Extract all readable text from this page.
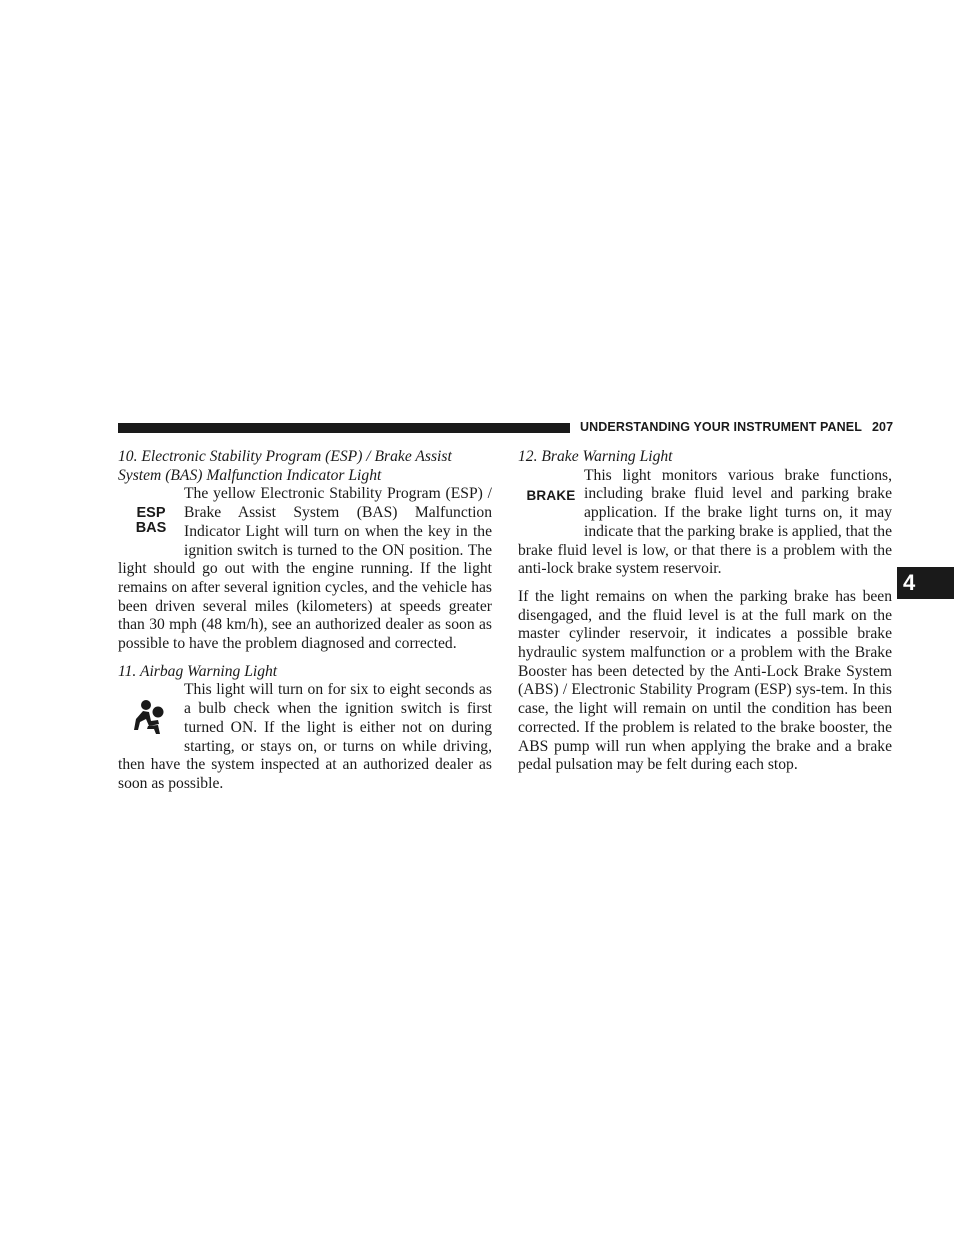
UNDERSTANDING YOUR INSTRUMENT PANEL 207
4
10. Electronic Stability Program (ESP) / Brake Assist
System (BAS) Malfunction Indicator Light
ESP
BAS

The yellow Electronic Stability Program (ESP) / Brake Assist System (BAS) Malfunction Indicator Light will turn on when the key in the ignition switch is turned to the ON position. The light should go out with the engine running. If the light remains on after several ignition cycles, and the vehicle has been driven several miles (kilometers) at speeds greater than 30 mph (48 km/h), see an authorized dealer as soon as possible to have the problem diagnosed and corrected.

11. Airbag Warning Light

This light will turn on for six to eight seconds as a bulb check when the ignition switch is first turned ON. If the light is either not on during starting, or stays on, or turns on while driving, then have the system inspected at an authorized dealer as soon as possible.

12. Brake Warning Light
BRAKE

This light monitors various brake functions, including brake fluid level and parking brake application. If the brake light turns on, it may indicate that the parking brake is applied, that the brake fluid level is low, or that there is a problem with the anti-lock brake system reservoir.

If the light remains on when the parking brake has been disengaged, and the fluid level is at the full mark on the master cylinder reservoir, it indicates a possible brake hydraulic system malfunction or a problem with the Brake Booster has been detected by the Anti-Lock Brake System (ABS) / Electronic Stability Program (ESP) sys-tem. In this case, the light will remain on until the condition has been corrected. If the problem is related to the brake booster, the ABS pump will run when applying the brake and a brake pedal pulsation may be felt during each stop.
